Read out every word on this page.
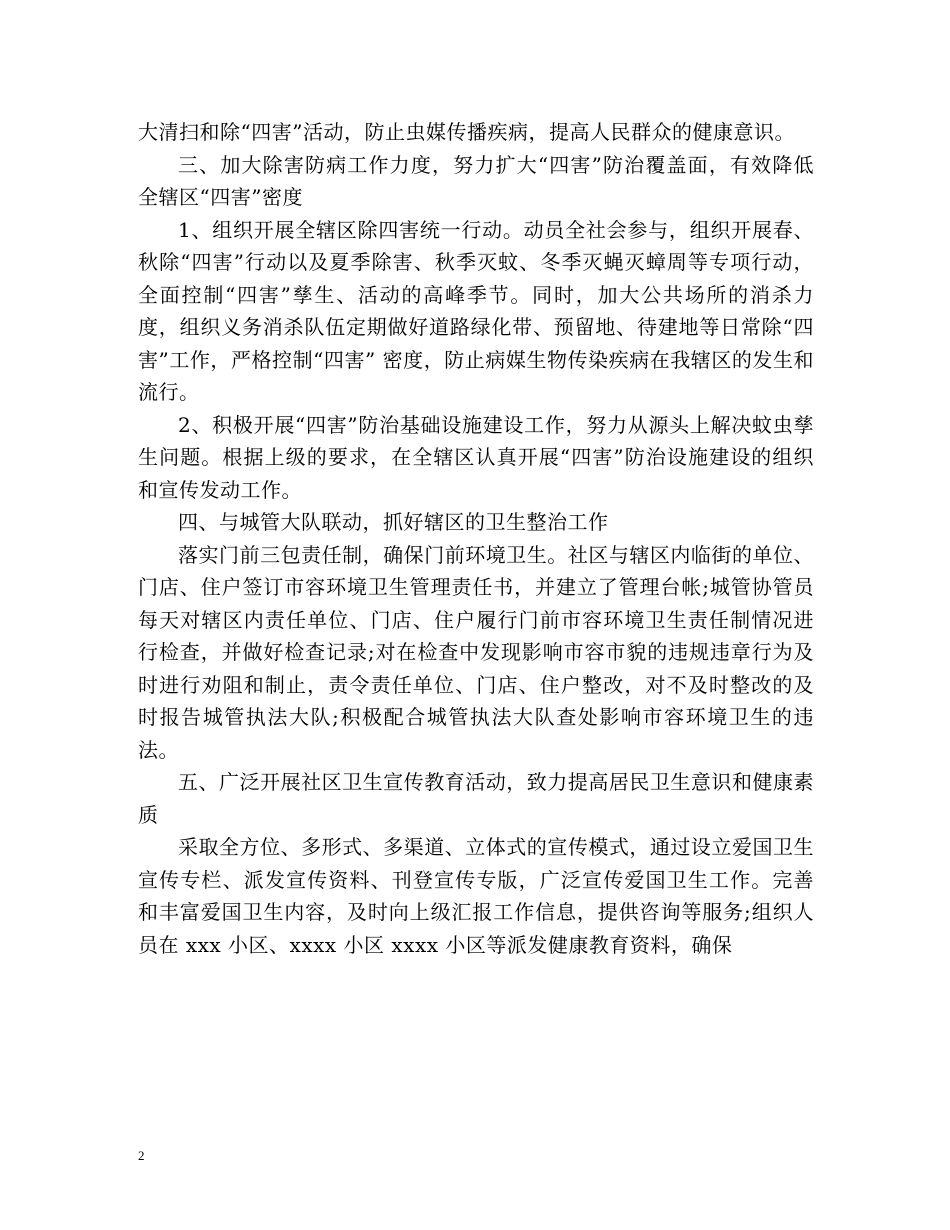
大清扫和除“四害”活动，防止虫媒传播疾病，提高人民群众的健康意识。

三、加大除害防病工作力度，努力扩大“四害”防治覆盖面，有效降低全辖区“四害”密度

1、组织开展全辖区除四害统一行动。动员全社会参与，组织开展春、秋除“四害”行动以及夏季除害、秋季灭蚊、冬季灭蝇灭蟑周等专项行动，全面控制“四害”孳生、活动的高峰季节。同时，加大公共场所的消杀力度，组织义务消杀队伍定期做好道路绿化带、预留地、待建地等日常除“四害”工作，严格控制“四害” 密度，防止病媒生物传染疾病在我辖区的发生和流行。

2、积极开展“四害”防治基础设施建设工作，努力从源头上解决蚊虫孳生问题。根据上级的要求，在全辖区认真开展“四害”防治设施建设的组织和宣传发动工作。

四、与城管大队联动，抓好辖区的卫生整治工作

落实门前三包责任制，确保门前环境卫生。社区与辖区内临街的单位、门店、住户签订市容环境卫生管理责任书，并建立了管理台帐;城管协管员每天对辖区内责任单位、门店、住户履行门前市容环境卫生责任制情况进行检查，并做好检查记录;对在检查中发现影响市容市貌的违规违章行为及时进行劝阻和制止，责令责任单位、门店、住户整改，对不及时整改的及时报告城管执法大队;积极配合城管执法大队查处影响市容环境卫生的违法。

五、广泛开展社区卫生宣传教育活动，致力提高居民卫生意识和健康素质

采取全方位、多形式、多渠道、立体式的宣传模式，通过设立爱国卫生宣传专栏、派发宣传资料、刊登宣传专版，广泛宣传爱国卫生工作。完善和丰富爱国卫生内容，及时向上级汇报工作信息，提供咨询等服务;组织人员在 xxx 小区、xxxx 小区 xxxx 小区等派发健康教育资料，确保

2
